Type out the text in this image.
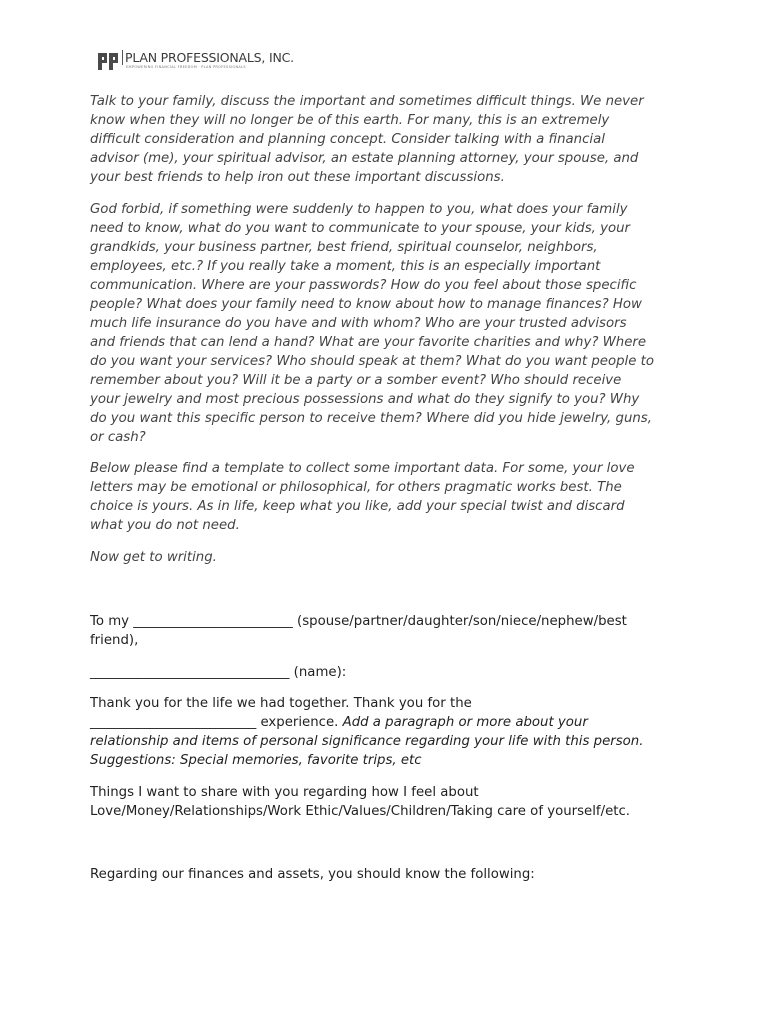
PLAN PROFESSIONALS, INC.
EMPOWERING FINANCIAL FREEDOM · PLAN PROFESSIONALS

Talk to your family, discuss the important and sometimes difficult things. We never
know when they will no longer be of this earth. For many, this is an extremely
difficult consideration and planning concept. Consider talking with a financial
advisor (me), your spiritual advisor, an estate planning attorney, your spouse, and
your best friends to help iron out these important discussions.

God forbid, if something were suddenly to happen to you, what does your family
need to know, what do you want to communicate to your spouse, your kids, your
grandkids, your business partner, best friend, spiritual counselor, neighbors,
employees, etc.? If you really take a moment, this is an especially important
communication. Where are your passwords? How do you feel about those specific
people? What does your family need to know about how to manage finances? How
much life insurance do you have and with whom? Who are your trusted advisors
and friends that can lend a hand? What are your favorite charities and why? Where
do you want your services? Who should speak at them? What do you want people to
remember about you? Will it be a party or a somber event? Who should receive
your jewelry and most precious possessions and what do they signify to you? Why
do you want this specific person to receive them? Where did you hide jewelry, guns,
or cash?

Below please find a template to collect some important data. For some, your love
letters may be emotional or philosophical, for others pragmatic works best. The
choice is yours. As in life, keep what you like, add your special twist and discard
what you do not need.

Now get to writing.

To my ________________________ (spouse/partner/daughter/son/niece/nephew/best
friend),

______________________________ (name):

Thank you for the life we had together. Thank you for the
_________________________ experience. Add a paragraph or more about your
relationship and items of personal significance regarding your life with this person.
Suggestions: Special memories, favorite trips, etc

Things I want to share with you regarding how I feel about
Love/Money/Relationships/Work Ethic/Values/Children/Taking care of yourself/etc.

Regarding our finances and assets, you should know the following:
